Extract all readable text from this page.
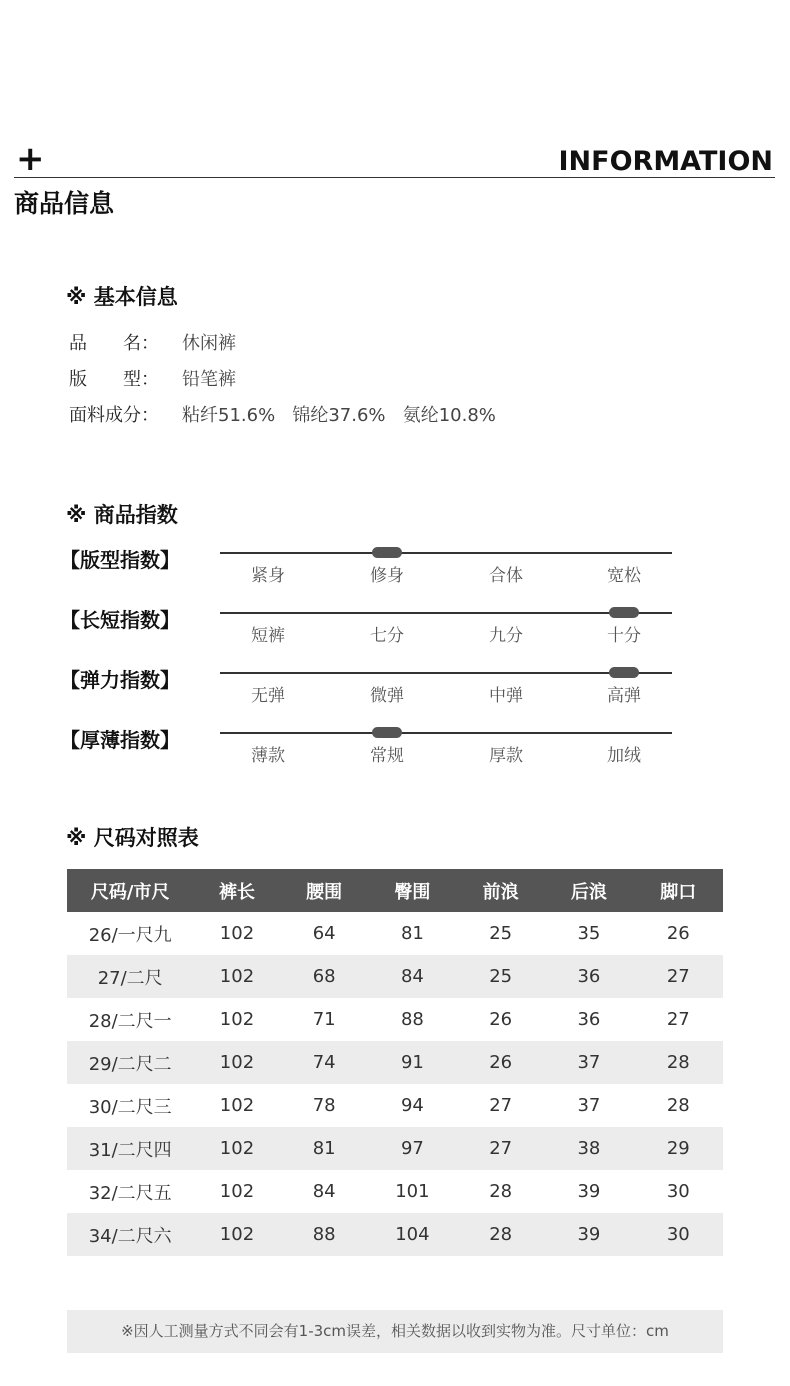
+	INFORMATION
商品信息
※ 基本信息
品　　名： 休闲裤
版　　型： 铅笔裤
面料成分： 粘纤51.6%   锦纶37.6%   氨纶10.8%
※ 商品指数
【版型指数】
紧身	修身	合体	宽松
【长短指数】
短裤	七分	九分	十分
【弹力指数】
无弹	微弹	中弹	高弹
【厚薄指数】
薄款	常规	厚款	加绒
※ 尺码对照表
尺码/市尺	裤长	腰围	臀围	前浪	后浪	脚口
26/一尺九	102	64	81	25	35	26
27/二尺	102	68	84	25	36	27
28/二尺一	102	71	88	26	36	27
29/二尺二	102	74	91	26	37	28
30/二尺三	102	78	94	27	37	28
31/二尺四	102	81	97	27	38	29
32/二尺五	102	84	101	28	39	30
34/二尺六	102	88	104	28	39	30
※因人工测量方式不同会有1-3cm误差，相关数据以收到实物为准。尺寸单位：cm
